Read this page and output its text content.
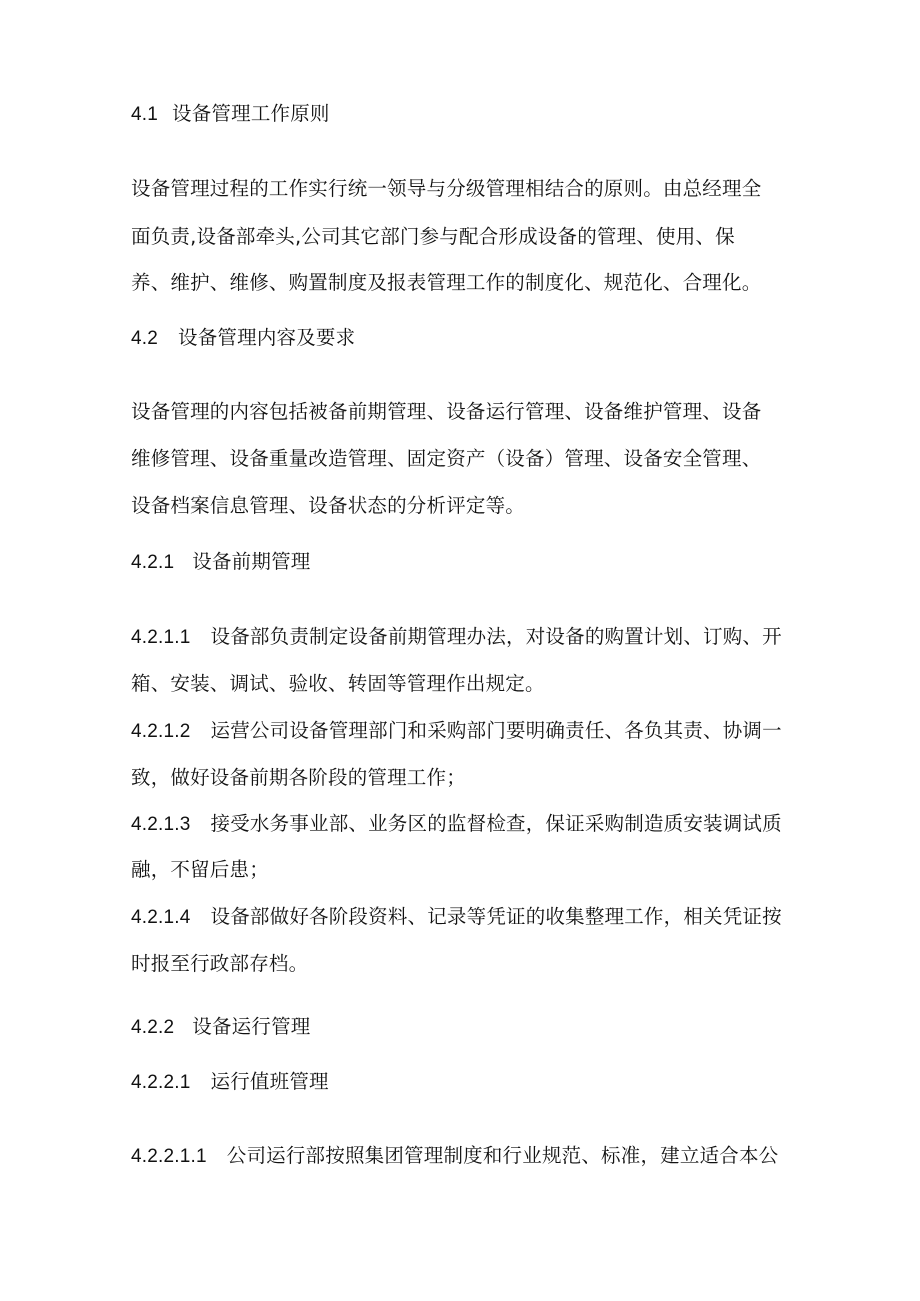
4.1 设备管理工作原则
设备管理过程的工作实行统一领导与分级管理相结合的原则。由总经理全
面负责,设备部牵头,公司其它部门参与配合形成设备的管理、使用、保
养、维护、维修、购置制度及报表管理工作的制度化、规范化、合理化。
4.2 设备管理内容及要求
设备管理的内容包括被备前期管理、设备运行管理、设备维护管理、设备
维修管理、设备重量改造管理、固定资产（设备）管理、设备安全管理、
设备档案信息管理、设备状态的分析评定等。
4.2.1 设备前期管理
4.2.1.1 设备部负责制定设备前期管理办法，对设备的购置计划、订购、开
箱、安装、调试、验收、转固等管理作出规定。
4.2.1.2 运营公司设备管理部门和采购部门要明确责任、各负其责、协调一
致，做好设备前期各阶段的管理工作；
4.2.1.3 接受水务事业部、业务区的监督检查，保证采购制造质安装调试质
融，不留后患；
4.2.1.4 设备部做好各阶段资料、记录等凭证的收集整理工作，相关凭证按
时报至行政部存档。
4.2.2 设备运行管理
4.2.2.1 运行值班管理
4.2.2.1.1 公司运行部按照集团管理制度和行业规范、标准，建立适合本公
